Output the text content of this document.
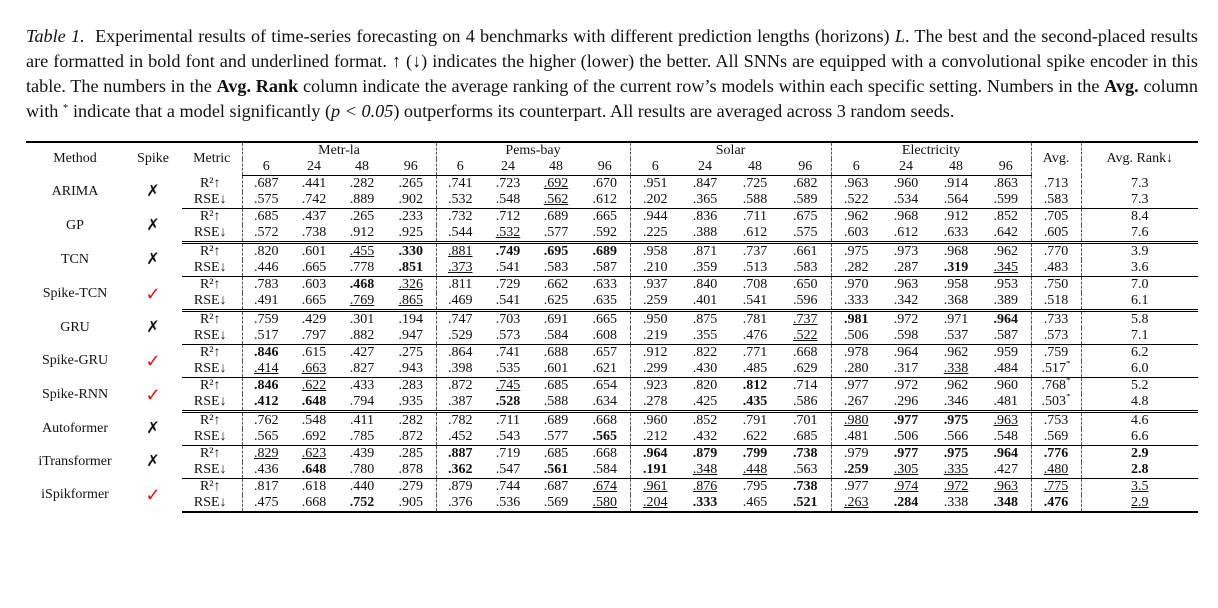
Table 1. Experimental results of time-series forecasting on 4 benchmarks with different prediction lengths (horizons) L. The best and the second-placed results are formatted in bold font and underlined format. ↑ (↓) indicates the higher (lower) the better. All SNNs are equipped with a convolutional spike encoder in this table. The numbers in the Avg. Rank column indicate the average ranking of the current row’s models within each specific setting. Numbers in the Avg. column with * indicate that a model significantly (p < 0.05) outperforms its counterpart. All results are averaged across 3 random seeds.

Method	Spike	Metric	Metr-la				Pems-bay				Solar				Electricity				Avg.	Avg. Rank↓
			6	24	48	96	6	24	48	96	6	24	48	96	6	24	48	96		
ARIMA	✗	R²↑	.687	.441	.282	.265	.741	.723	.692	.670	.951	.847	.725	.682	.963	.960	.914	.863	.713	7.3
		RSE↓	.575	.742	.889	.902	.532	.548	.562	.612	.202	.365	.588	.589	.522	.534	.564	.599	.583	7.3
GP	✗	R²↑	.685	.437	.265	.233	.732	.712	.689	.665	.944	.836	.711	.675	.962	.968	.912	.852	.705	8.4
		RSE↓	.572	.738	.912	.925	.544	.532	.577	.592	.225	.388	.612	.575	.603	.612	.633	.642	.605	7.6
TCN	✗	R²↑	.820	.601	.455	.330	.881	.749	.695	.689	.958	.871	.737	.661	.975	.973	.968	.962	.770	3.9
		RSE↓	.446	.665	.778	.851	.373	.541	.583	.587	.210	.359	.513	.583	.282	.287	.319	.345	.483	3.6
Spike-TCN	✓	R²↑	.783	.603	.468	.326	.811	.729	.662	.633	.937	.840	.708	.650	.970	.963	.958	.953	.750	7.0
		RSE↓	.491	.665	.769	.865	.469	.541	.625	.635	.259	.401	.541	.596	.333	.342	.368	.389	.518	6.1
GRU	✗	R²↑	.759	.429	.301	.194	.747	.703	.691	.665	.950	.875	.781	.737	.981	.972	.971	.964	.733	5.8
		RSE↓	.517	.797	.882	.947	.529	.573	.584	.608	.219	.355	.476	.522	.506	.598	.537	.587	.573	7.1
Spike-GRU	✓	R²↑	.846	.615	.427	.275	.864	.741	.688	.657	.912	.822	.771	.668	.978	.964	.962	.959	.759	6.2
		RSE↓	.414	.663	.827	.943	.398	.535	.601	.621	.299	.430	.485	.629	.280	.317	.338	.484	.517*	6.0
Spike-RNN	✓	R²↑	.846	.622	.433	.283	.872	.745	.685	.654	.923	.820	.812	.714	.977	.972	.962	.960	.768*	5.2
		RSE↓	.412	.648	.794	.935	.387	.528	.588	.634	.278	.425	.435	.586	.267	.296	.346	.481	.503*	4.8
Autoformer	✗	R²↑	.762	.548	.411	.282	.782	.711	.689	.668	.960	.852	.791	.701	.980	.977	.975	.963	.753	4.6
		RSE↓	.565	.692	.785	.872	.452	.543	.577	.565	.212	.432	.622	.685	.481	.506	.566	.548	.569	6.6
iTransformer	✗	R²↑	.829	.623	.439	.285	.887	.719	.685	.668	.964	.879	.799	.738	.979	.977	.975	.964	.776	2.9
		RSE↓	.436	.648	.780	.878	.362	.547	.561	.584	.191	.348	.448	.563	.259	.305	.335	.427	.480	2.8
iSpikformer	✓	R²↑	.817	.618	.440	.279	.879	.744	.687	.674	.961	.876	.795	.738	.977	.974	.972	.963	.775	3.5
		RSE↓	.475	.668	.752	.905	.376	.536	.569	.580	.204	.333	.465	.521	.263	.284	.338	.348	.476	2.9
